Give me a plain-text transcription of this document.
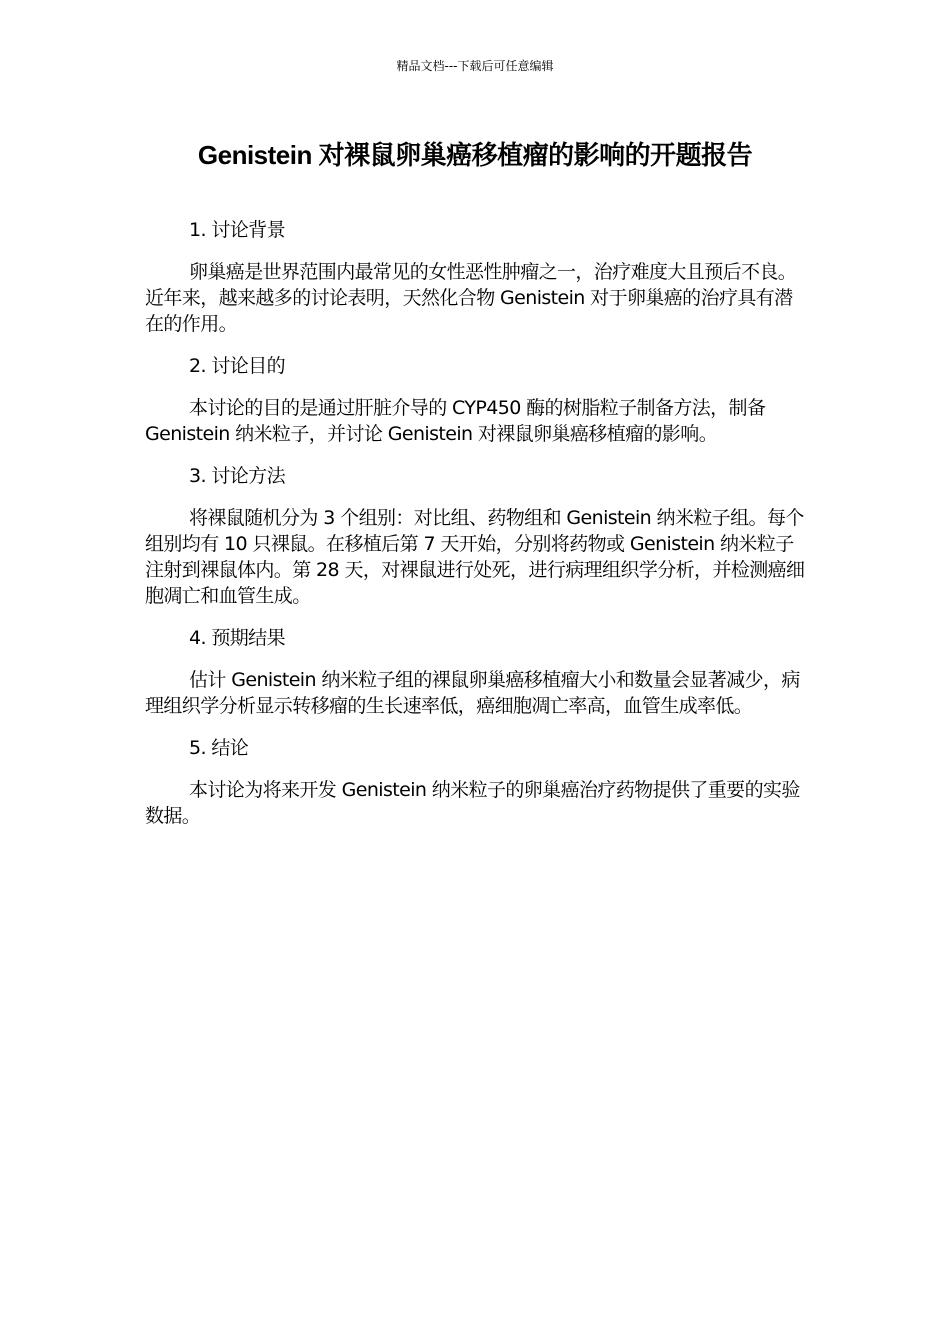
精品文档---下载后可任意编辑
Genistein 对裸鼠卵巢癌移植瘤的影响的开题报告

1. 讨论背景

卵巢癌是世界范围内最常见的女性恶性肿瘤之一，治疗难度大且预后不良。近年来，越来越多的讨论表明，天然化合物 Genistein 对于卵巢癌的治疗具有潜在的作用。

2. 讨论目的

本讨论的目的是通过肝脏介导的 CYP450 酶的树脂粒子制备方法，制备 Genistein 纳米粒子，并讨论 Genistein 对裸鼠卵巢癌移植瘤的影响。

3. 讨论方法

将裸鼠随机分为 3 个组别：对比组、药物组和 Genistein 纳米粒子组。每个组别均有 10 只裸鼠。在移植后第 7 天开始，分别将药物或 Genistein 纳米粒子注射到裸鼠体内。第 28 天，对裸鼠进行处死，进行病理组织学分析，并检测癌细胞凋亡和血管生成。

4. 预期结果

估计 Genistein 纳米粒子组的裸鼠卵巢癌移植瘤大小和数量会显著减少，病理组织学分析显示转移瘤的生长速率低，癌细胞凋亡率高，血管生成率低。

5. 结论

本讨论为将来开发 Genistein 纳米粒子的卵巢癌治疗药物提供了重要的实验数据。
